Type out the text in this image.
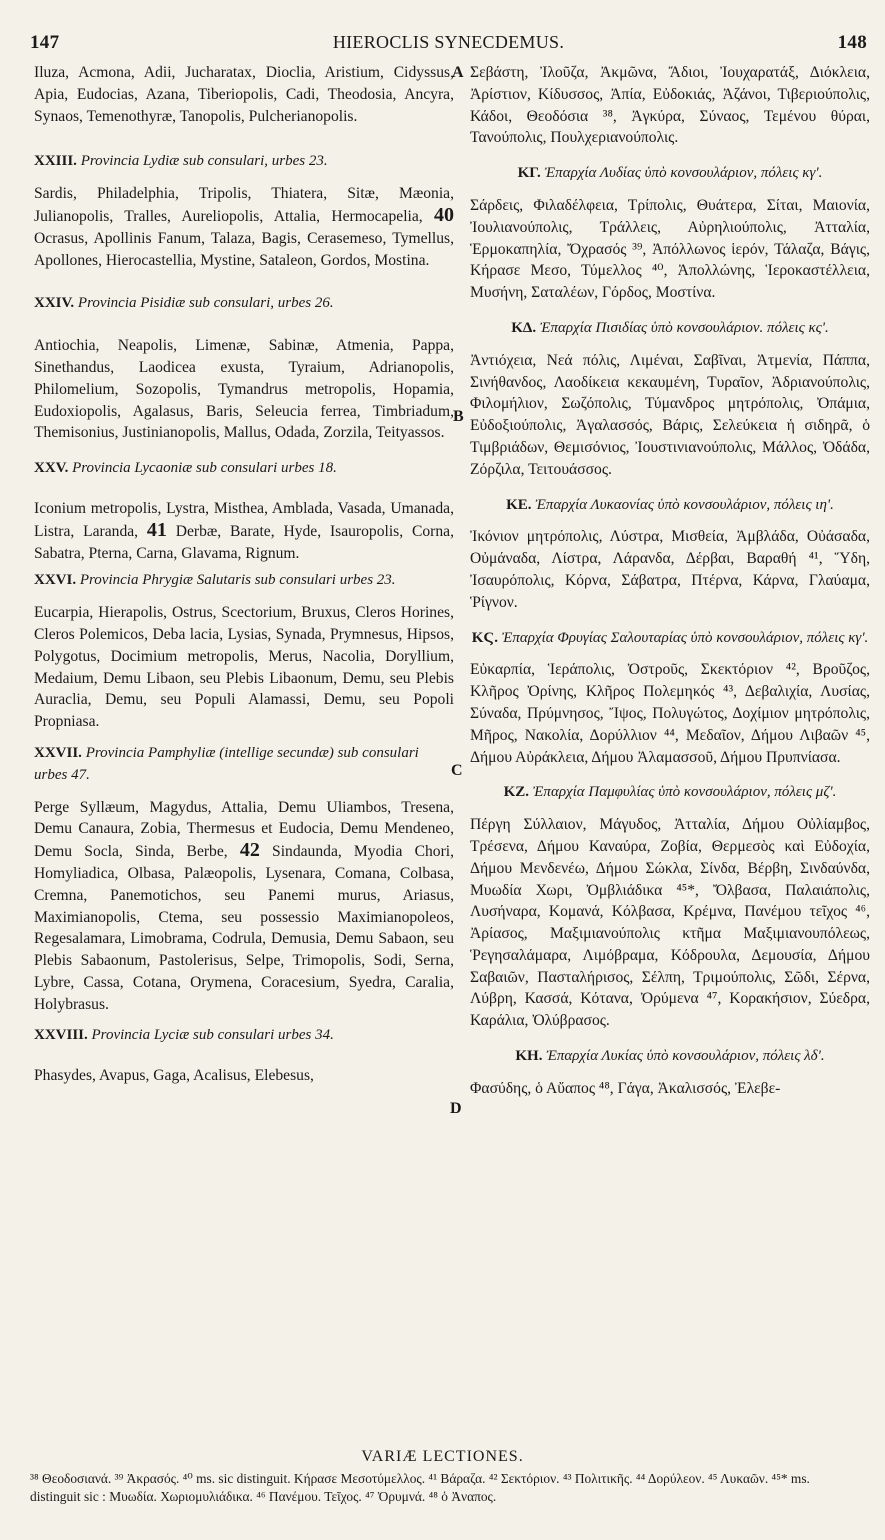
147	HIEROCLIS SYNECDEMUS.	148
A
B
C
D
Iluza, Acmona, Adii, Jucharatax, Dioclia, Aristium, Cidyssus, Apia, Eudocias, Azana, Tiberiopolis, Cadi, Theodosia, Ancyra, Synaos, Temenothyræ, Tanopolis, Pulcherianopolis.
XXIII. Provincia Lydiæ sub consulari, urbes 23.
Sardis, Philadelphia, Tripolis, Thiatera, Sitæ, Mæonia, Julianopolis, Tralles, Aureliopolis, Attalia, Hermocapelia, 40 Ocrasus, Apollinis Fanum, Talaza, Bagis, Cerasemeso, Tymellus, Apollones, Hierocastellia, Mystine, Sataleon, Gordos, Mostina.
XXIV. Provincia Pisidiæ sub consulari, urbes 26.
Antiochia, Neapolis, Limenæ, Sabinæ, Atmenia, Pappa, Sinethandus, Laodicea exusta, Tyraium, Adrianopolis, Philomelium, Sozopolis, Tymandrus metropolis, Hopamia, Eudoxiopolis, Agalasus, Baris, Seleucia ferrea, Timbriadum, Themisonius, Justinianopolis, Mallus, Odada, Zorzila, Teityassos.
XXV. Provincia Lycaoniæ sub consulari urbes 18.
Iconium metropolis, Lystra, Misthea, Amblada, Vasada, Umanada, Listra, Laranda, 41 Derbæ, Barate, Hyde, Isauropolis, Corna, Sabatra, Pterna, Carna, Glavama, Rignum.
XXVI. Provincia Phrygiæ Salutaris sub consulari urbes 23.
Eucarpia, Hierapolis, Ostrus, Scectorium, Bruxus, Cleros Horines, Cleros Polemicos, Deba lacia, Lysias, Synada, Prymnesus, Hipsos, Polygotus, Docimium metropolis, Merus, Nacolia, Doryllium, Medaium, Demu Libaon, seu Plebis Libaonum, Demu, seu Plebis Auraclia, Demu, seu Populi Alamassi, Demu, seu Popoli Propniasa.
XXVII. Provincia Pamphyliæ (intellige secundæ) sub consulari urbes 47.
Perge Syllæum, Magydus, Attalia, Demu Uliambos, Tresena, Demu Canaura, Zobia, Thermesus et Eudocia, Demu Mendeneo, Demu Socla, Sinda, Berbe, 42 Sindaunda, Myodia Chori, Homyliadica, Olbasa, Palæopolis, Lysenara, Comana, Colbasa, Cremna, Panemotichos, seu Panemi murus, Ariasus, Maximianopolis, Ctema, seu possessio Maximianopoleos, Regesalamara, Limobrama, Codrula, Demusia, Demu Sabaon, seu Plebis Sabaonum, Pastolerisus, Selpe, Trimopolis, Sodi, Serna, Lybre, Cassa, Cotana, Orymena, Coracesium, Syedra, Caralia, Holybrasus.
XXVIII. Provincia Lyciæ sub consulari urbes 34.
Phasydes, Avapus, Gaga, Acalisus, Elebesus,
Σεβάστη, Ἰλοῦζα, Ἀκμῶνα, Ἄδιοι, Ἰουχαρατάξ, Διόκλεια, Ἀρίστιον, Κίδυσσος, Ἀπία, Εὐδοκιάς, Ἀζάνοι, Τιβεριούπολις, Κάδοι, Θεοδόσια ³⁸, Ἀγκύρα, Σύναος, Τεμένου θύραι, Τανούπολις, Πουλχεριανούπολις.
ΚΓ. Ἐπαρχία Λυδίας ὑπὸ κονσουλάριον, πόλεις κγʹ.
Σάρδεις, Φιλαδέλφεια, Τρίπολις, Θυάτερα, Σίται, Μαιονία, Ἰουλιανούπολις, Τράλλεις, Αὐρηλιούπολις, Ἀτταλία, Ἑρμοκαπηλία, Ὄχρασός ³⁹, Ἀπόλλωνος ἱερόν, Τάλαζα, Βάγις, Κήρασε Μεσο, Τύμελλος ⁴⁰, Ἀπολλώνης, Ἱεροκαστέλλεια, Μυσήνη, Σαταλέων, Γόρδος, Μοστίνα.
ΚΔ. Ἐπαρχία Πισιδίας ὑπὸ κονσουλάριον. πόλεις κςʹ.
Ἀντιόχεια, Νεά πόλις, Λιμέναι, Σαβῖναι, Ἀτμενία, Πάππα, Σινήθανδος, Λαοδίκεια κεκαυμένη, Τυραῖον, Ἀδριανούπολις, Φιλομήλιον, Σωζόπολις, Τύμανδρος μητρόπολις, Ὀπάμια, Εὐδοξιούπολις, Ἀγαλασσός, Βάρις, Σελεύκεια ἡ σιδηρᾶ, ὁ Τιμβριάδων, Θεμισόνιος, Ἰουστινιανούπολις, Μάλλος, Ὀδάδα, Ζόρζιλα, Τειτουάσσος.
ΚΕ. Ἐπαρχία Λυκαονίας ὑπὸ κονσουλάριον, πόλεις ιηʹ.
Ἰκόνιον μητρόπολις, Λύστρα, Μισθεία, Ἀμβλάδα, Οὐάσαδα, Οὐμάναδα, Λίστρα, Λάρανδα, Δέρβαι, Βαραθή ⁴¹, Ὕδη, Ἰσαυρόπολις, Κόρνα, Σάβατρα, Πτέρνα, Κάρνα, Γλαύαμα, Ῥίγνον.
ΚϚ. Ἐπαρχία Φρυγίας Σαλουταρίας ὑπὸ κονσουλάριον, πόλεις κγʹ.
Εὐκαρπία, Ἱεράπολις, Ὀστροῦς, Σκεκτόριον ⁴², Βροῦζος, Κλῆρος Ὀρίνης, Κλῆρος Πολεμηκός ⁴³, Δεβαλιχία, Λυσίας, Σύναδα, Πρύμνησος, Ἴψος, Πολυγώτος, Δοχίμιον μητρόπολις, Μῆρος, Νακολία, Δορύλλιον ⁴⁴, Μεδαῖον, Δήμου Λιβαῶν ⁴⁵, Δήμου Αὐράκλεια, Δήμου Ἀλαμασσοῦ, Δήμου Πρυπνίασα.
ΚΖ. Ἐπαρχία Παμφυλίας ὑπὸ κονσουλάριον, πόλεις μζʹ.
Πέργη Σύλλαιον, Μάγυδος, Ἀτταλία, Δήμου Οὐλίαμβος, Τρέσενα, Δήμου Καναύρα, Ζοβία, Θερμεσὸς καὶ Εὐδοχία, Δήμου Μενδενέω, Δήμου Σώκλα, Σίνδα, Βέρβη, Σινδαύνδα, Μυωδία Χωρι, Ὀμβλιάδικα ⁴⁵*, Ὄλβασα, Παλαιάπολις, Λυσήναρα, Κομανά, Κόλβασα, Κρέμνα, Πανέμου τεῖχος ⁴⁶, Ἀρίασος, Μαξιμιανούπολις κτῆμα Μαξιμιανουπόλεως, Ῥεγησαλάμαρα, Λιμόβραμα, Κόδρουλα, Δεμουσία, Δήμου Σαβαιῶν, Πασταλήρισος, Σέλπη, Τριμούπολις, Σῶδι, Σέρνα, Λύβρη, Κασσά, Κότανα, Ὀρύμενα ⁴⁷, Κορακήσιον, Σύεδρα, Καράλια, Ὀλύβρασος.
ΚΗ. Ἐπαρχία Λυκίας ὑπὸ κονσουλάριον, πόλεις λδʹ.
Φασύδης, ὁ Αὔαπος ⁴⁸, Γάγα, Ἀκαλισσός, Ἐλεβε-
VARIÆ LECTIONES.
³⁸ Θεοδοσιανά. ³⁹ Ἀκρασός. ⁴⁰ ms. sic distinguit. Κήρασε Μεσοτύμελλος. ⁴¹ Βάραζα. ⁴² Σεκτόριον. ⁴³ Πολιτικῆς. ⁴⁴ Δορύλεον. ⁴⁵ Λυκαῶν. ⁴⁵* ms. distinguit sic : Μυωδία. Χωριομυλιάδικα. ⁴⁶ Πανέμου. Τεῖχος. ⁴⁷ Ὀρυμνά. ⁴⁸ ὁ Ἀναπος.
